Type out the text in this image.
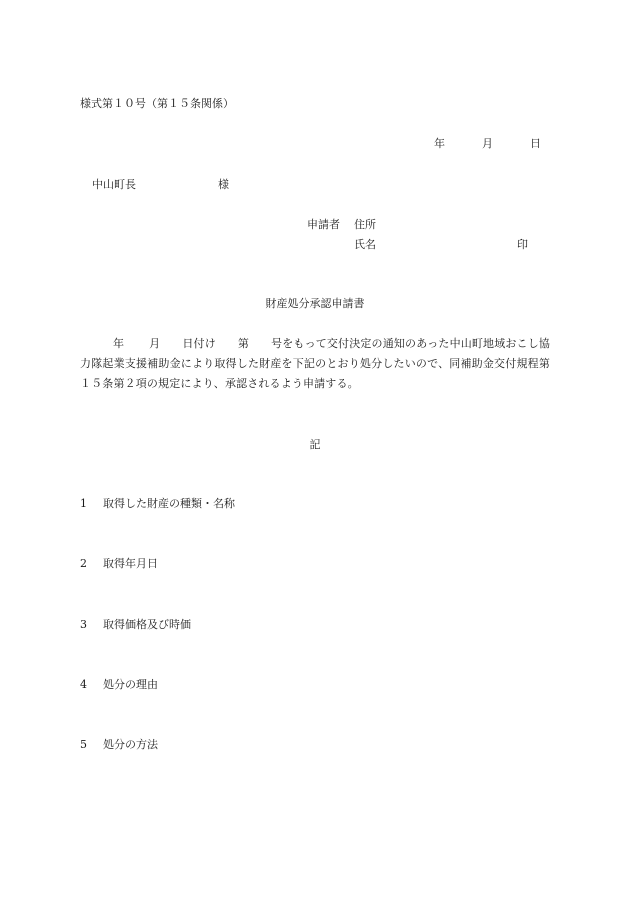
様式第１０号（第１５条関係）
年	月	日
中山町長	様
申請者 住所
氏名	印
財産処分承認申請書
年 月 日付け 第 号をもって交付決定の通知のあった中山町地域おこし協力隊起業支援補助金により取得した財産を下記のとおり処分したいので、同補助金交付規程第１５条第２項の規定により、承認されるよう申請する。
記
1 取得した財産の種類・名称
2 取得年月日
3 取得価格及び時価
4 処分の理由
5 処分の方法
